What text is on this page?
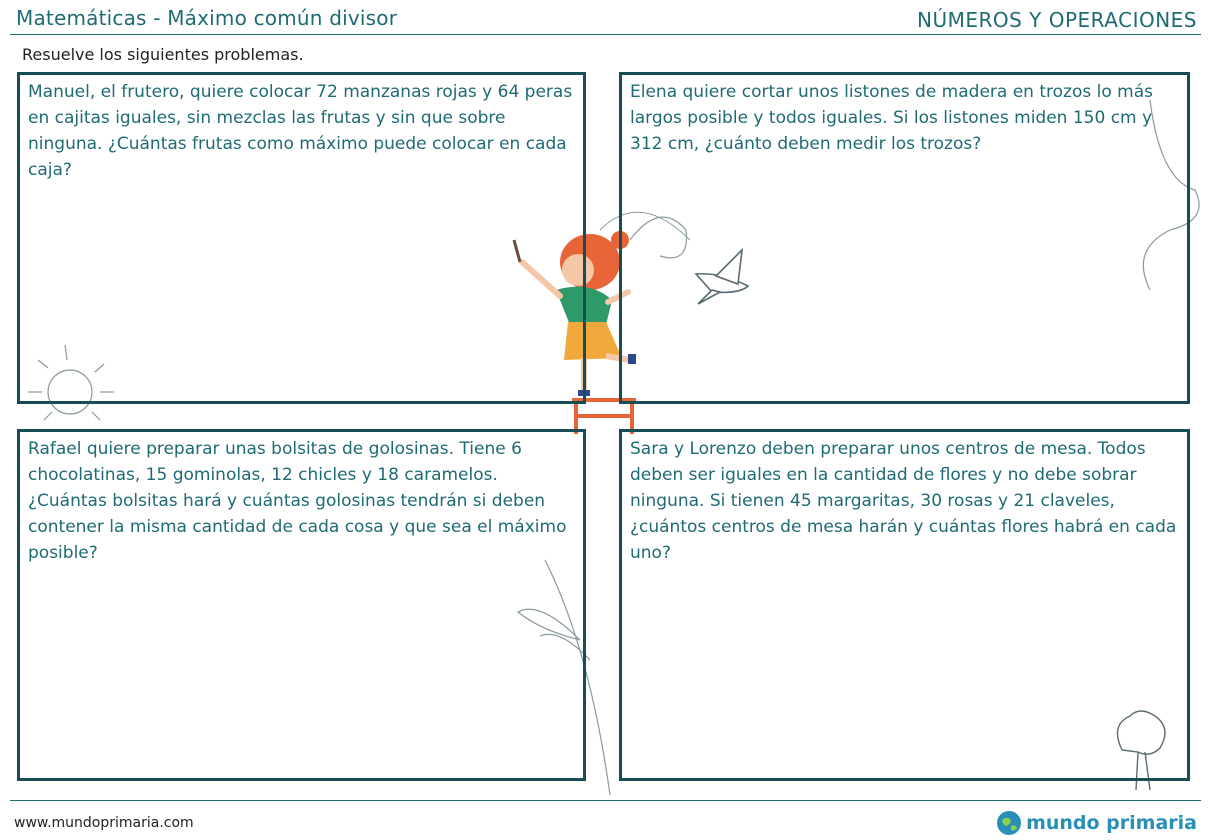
Matemáticas - Máximo común divisor	NÚMEROS Y OPERACIONES
Resuelve los siguientes problemas.

Manuel, el frutero, quiere colocar 72 manzanas rojas y 64 peras en cajitas iguales, sin mezclas las frutas y sin que sobre ninguna. ¿Cuántas frutas como máximo puede colocar en cada caja?

Elena quiere cortar unos listones de madera en trozos lo más largos posible y todos iguales. Si los listones miden 150 cm y 312 cm, ¿cuánto deben medir los trozos?

Rafael quiere preparar unas bolsitas de golosinas. Tiene 6 chocolatinas, 15 gominolas, 12 chicles y 18 caramelos. ¿Cuántas bolsitas hará y cuántas golosinas tendrán si deben contener la misma cantidad de cada cosa y que sea el máximo posible?

Sara y Lorenzo deben preparar unos centros de mesa. Todos deben ser iguales en la cantidad de flores y no debe sobrar ninguna. Si tienen 45 margaritas, 30 rosas y 21 claveles, ¿cuántos centros de mesa harán y cuántas flores habrá en cada uno?

www.mundoprimaria.com	mundo primaria
